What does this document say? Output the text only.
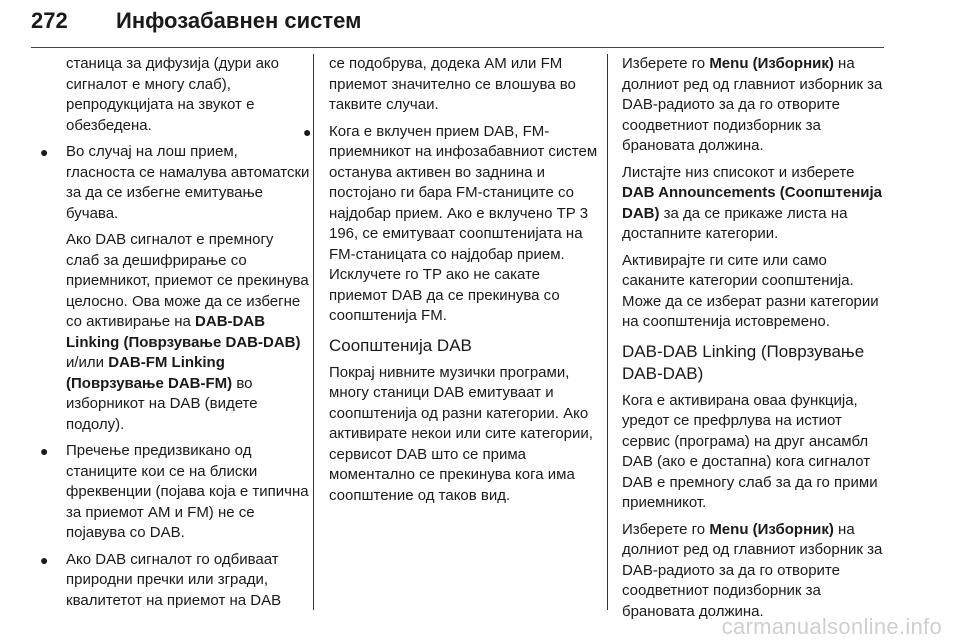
272	Инфозабавнен систем

станица за дифузија (дури ако сигналот е многу слаб), репродукцијата на звукот е обезбедена.

● Во случај на лош прием, гласноста се намалува автоматски за да се избегне емитување бучава.

Ако DAB сигналот е премногу слаб за дешифрирање со приемникот, приемот се прекинува целосно. Ова може да се избегне со активирање на DAB-DAB Linking (Поврзување DAB-DAB) и/или DAB-FM Linking (Поврзување DAB-FM) во изборникот на DAB (видете подолу).

● Пречење предизвикано од станиците кои се на блиски фреквенции (појава која е типична за приемот AM и FM) не се појавува со DAB.
● Ако DAB сигналот го одбиваат природни пречки или згради, квалитетот на приемот на DAB

се подобрува, додека AM или FM приемот значително се влошува во таквите случаи.

● Кога е вклучен прием DAB, FM-приемникот на инфозабавниот систем останува активен во заднина и постојано ги бара FM-станиците со најдобар прием. Ако е вклучено TP 3 196, се емитуваат соопштенијата на FM-станицата со најдобар прием. Исклучете го TP ако не сакате приемот DAB да се прекинува со соопштенија FM.
Соопштенија DAB

Покрај нивните музички програми, многу станици DAB емитуваат и соопштенија од разни категории. Ако активирате некои или сите категории, сервисот DAB што се прима моментално се прекинува кога има соопштение од таков вид.

Изберете го Menu (Изборник) на долниот ред од главниот изборник за DAB-радиото за да го отворите соодветниот подизборник за брановата должина.

Листајте низ списокот и изберете DAB Announcements (Соопштенија DAB) за да се прикаже листа на достапните категории.

Активирајте ги сите или само саканите категории соопштенија. Може да се изберат разни категории на соопштенија истовремено.

DAB-DAB Linking (Поврзување DAB-DAB)

Кога е активирана оваа функција, уредот се префрлува на истиот сервис (програма) на друг ансамбл DAB (ако е достапна) кога сигналот DAB е премногу слаб за да го прими приемникот.

Изберете го Menu (Изборник) на долниот ред од главниот изборник за DAB-радиото за да го отворите соодветниот подизборник за брановата должина.

carmanualsonline.info
